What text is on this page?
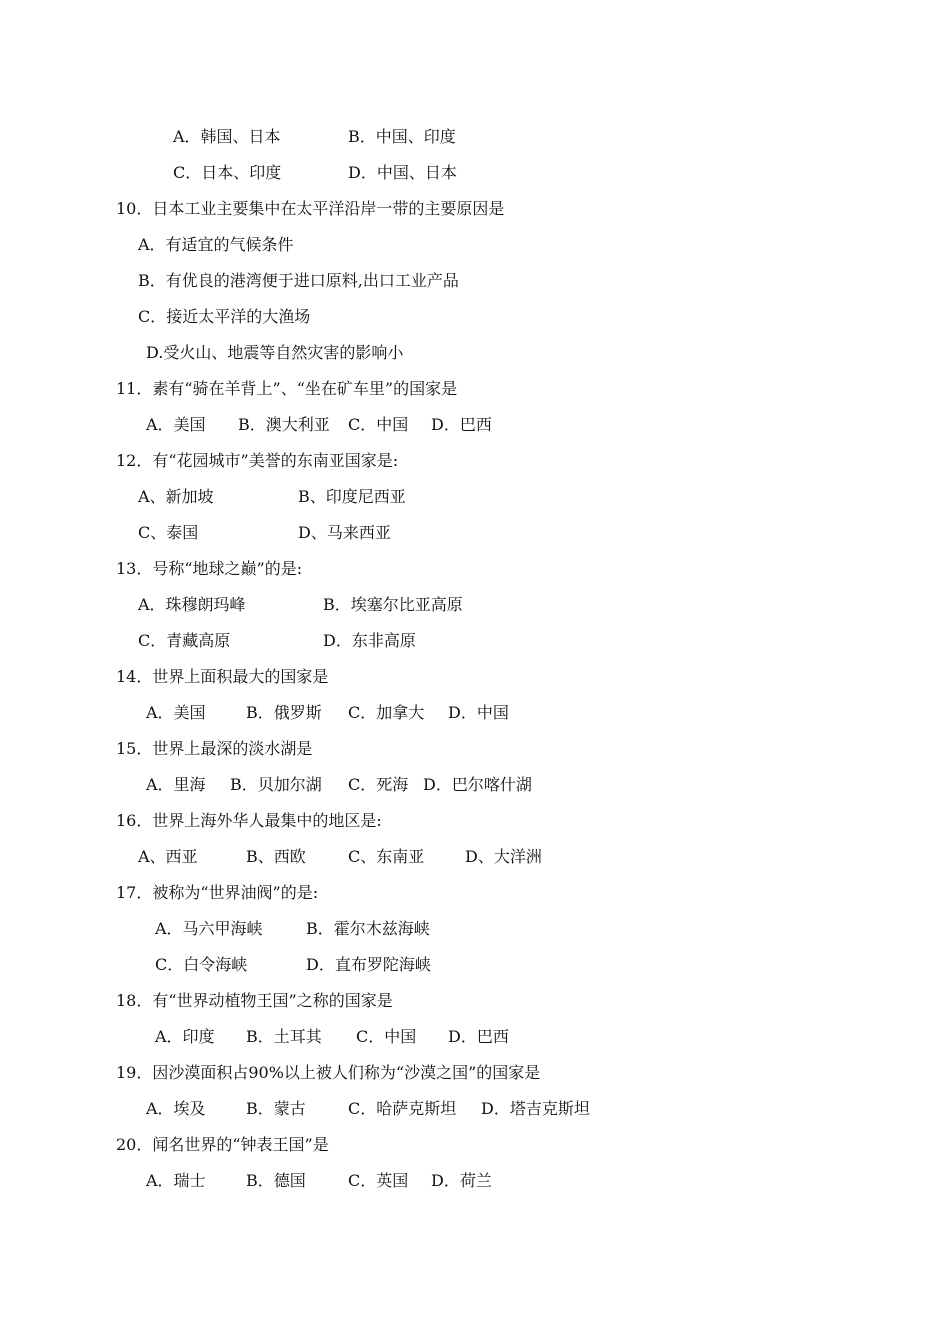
A．韩国、日本	B．中国、印度
C．日本、印度	D．中国、日本
10．日本工业主要集中在太平洋沿岸一带的主要原因是
A．有适宜的气候条件
B．有优良的港湾便于进口原料,出口工业产品
C．接近太平洋的大渔场
D.受火山、地震等自然灾害的影响小
11．素有“骑在羊背上”、“坐在矿车里”的国家是
A．美国 B．澳大利亚 C．中国 D．巴西
12．有“花园城市”美誉的东南亚国家是:
A、新加坡	B、印度尼西亚
C、泰国	D、马来西亚
13．号称“地球之巅”的是:
A．珠穆朗玛峰	B．埃塞尔比亚高原
C．青藏高原	D．东非高原
14．世界上面积最大的国家是
A．美国	B．俄罗斯 C．加拿大 D．中国
15．世界上最深的淡水湖是
A．里海 B．贝加尔湖 C．死海 D．巴尔喀什湖
16．世界上海外华人最集中的地区是:
A、西亚	B、西欧	C、东南亚	D、大洋洲
17．被称为“世界油阀”的是:
A．马六甲海峡	B．霍尔木兹海峡
C．白令海峡	D．直布罗陀海峡
18．有“世界动植物王国”之称的国家是
A．印度 B．土耳其 C．中国 D．巴西
19．因沙漠面积占90%以上被人们称为“沙漠之国”的国家是
A．埃及	B．蒙古	C．哈萨克斯坦 D．塔吉克斯坦
20．闻名世界的“钟表王国”是
A．瑞士	B．德国	C．英国 D．荷兰
